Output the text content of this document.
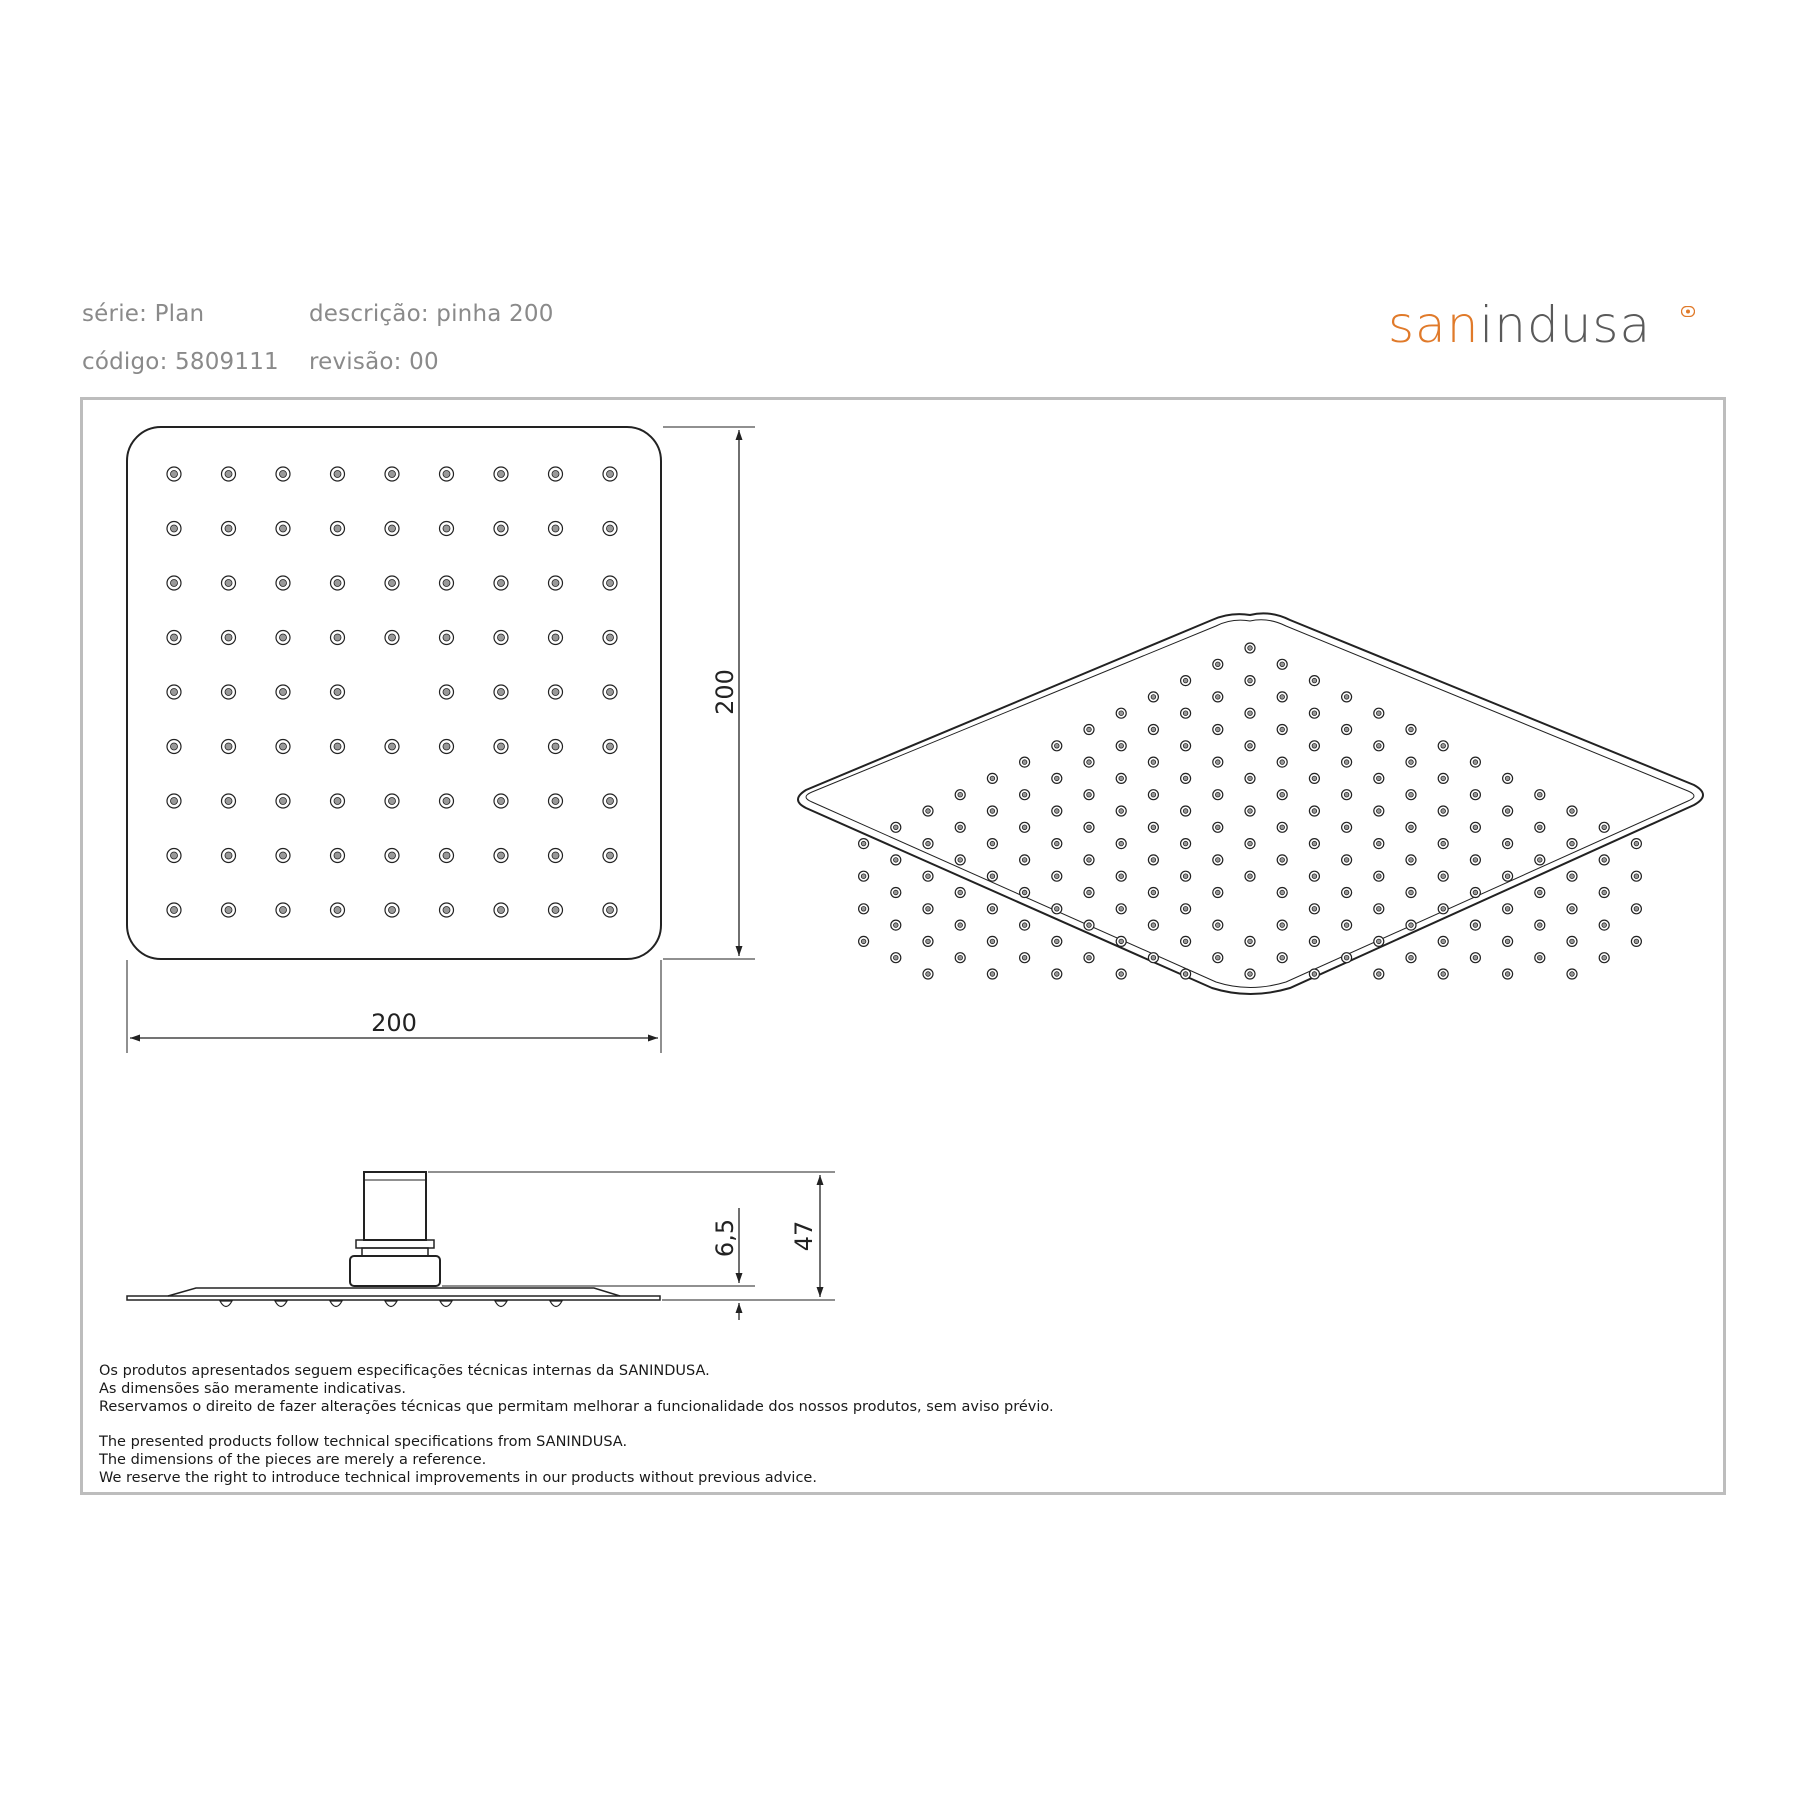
série: Plan	descrição: pinha 200
código: 5809111 revisão: 00
sanindusa
200
200
47
6,5
Os produtos apresentados seguem especificações técnicas internas da SANINDUSA.
As dimensões são meramente indicativas.
Reservamos o direito de fazer alterações técnicas que permitam melhorar a funcionalidade dos nossos produtos, sem aviso prévio.
The presented products follow technical specifications from SANINDUSA.
The dimensions of the pieces are merely a reference.
We reserve the right to introduce technical improvements in our products without previous advice.
